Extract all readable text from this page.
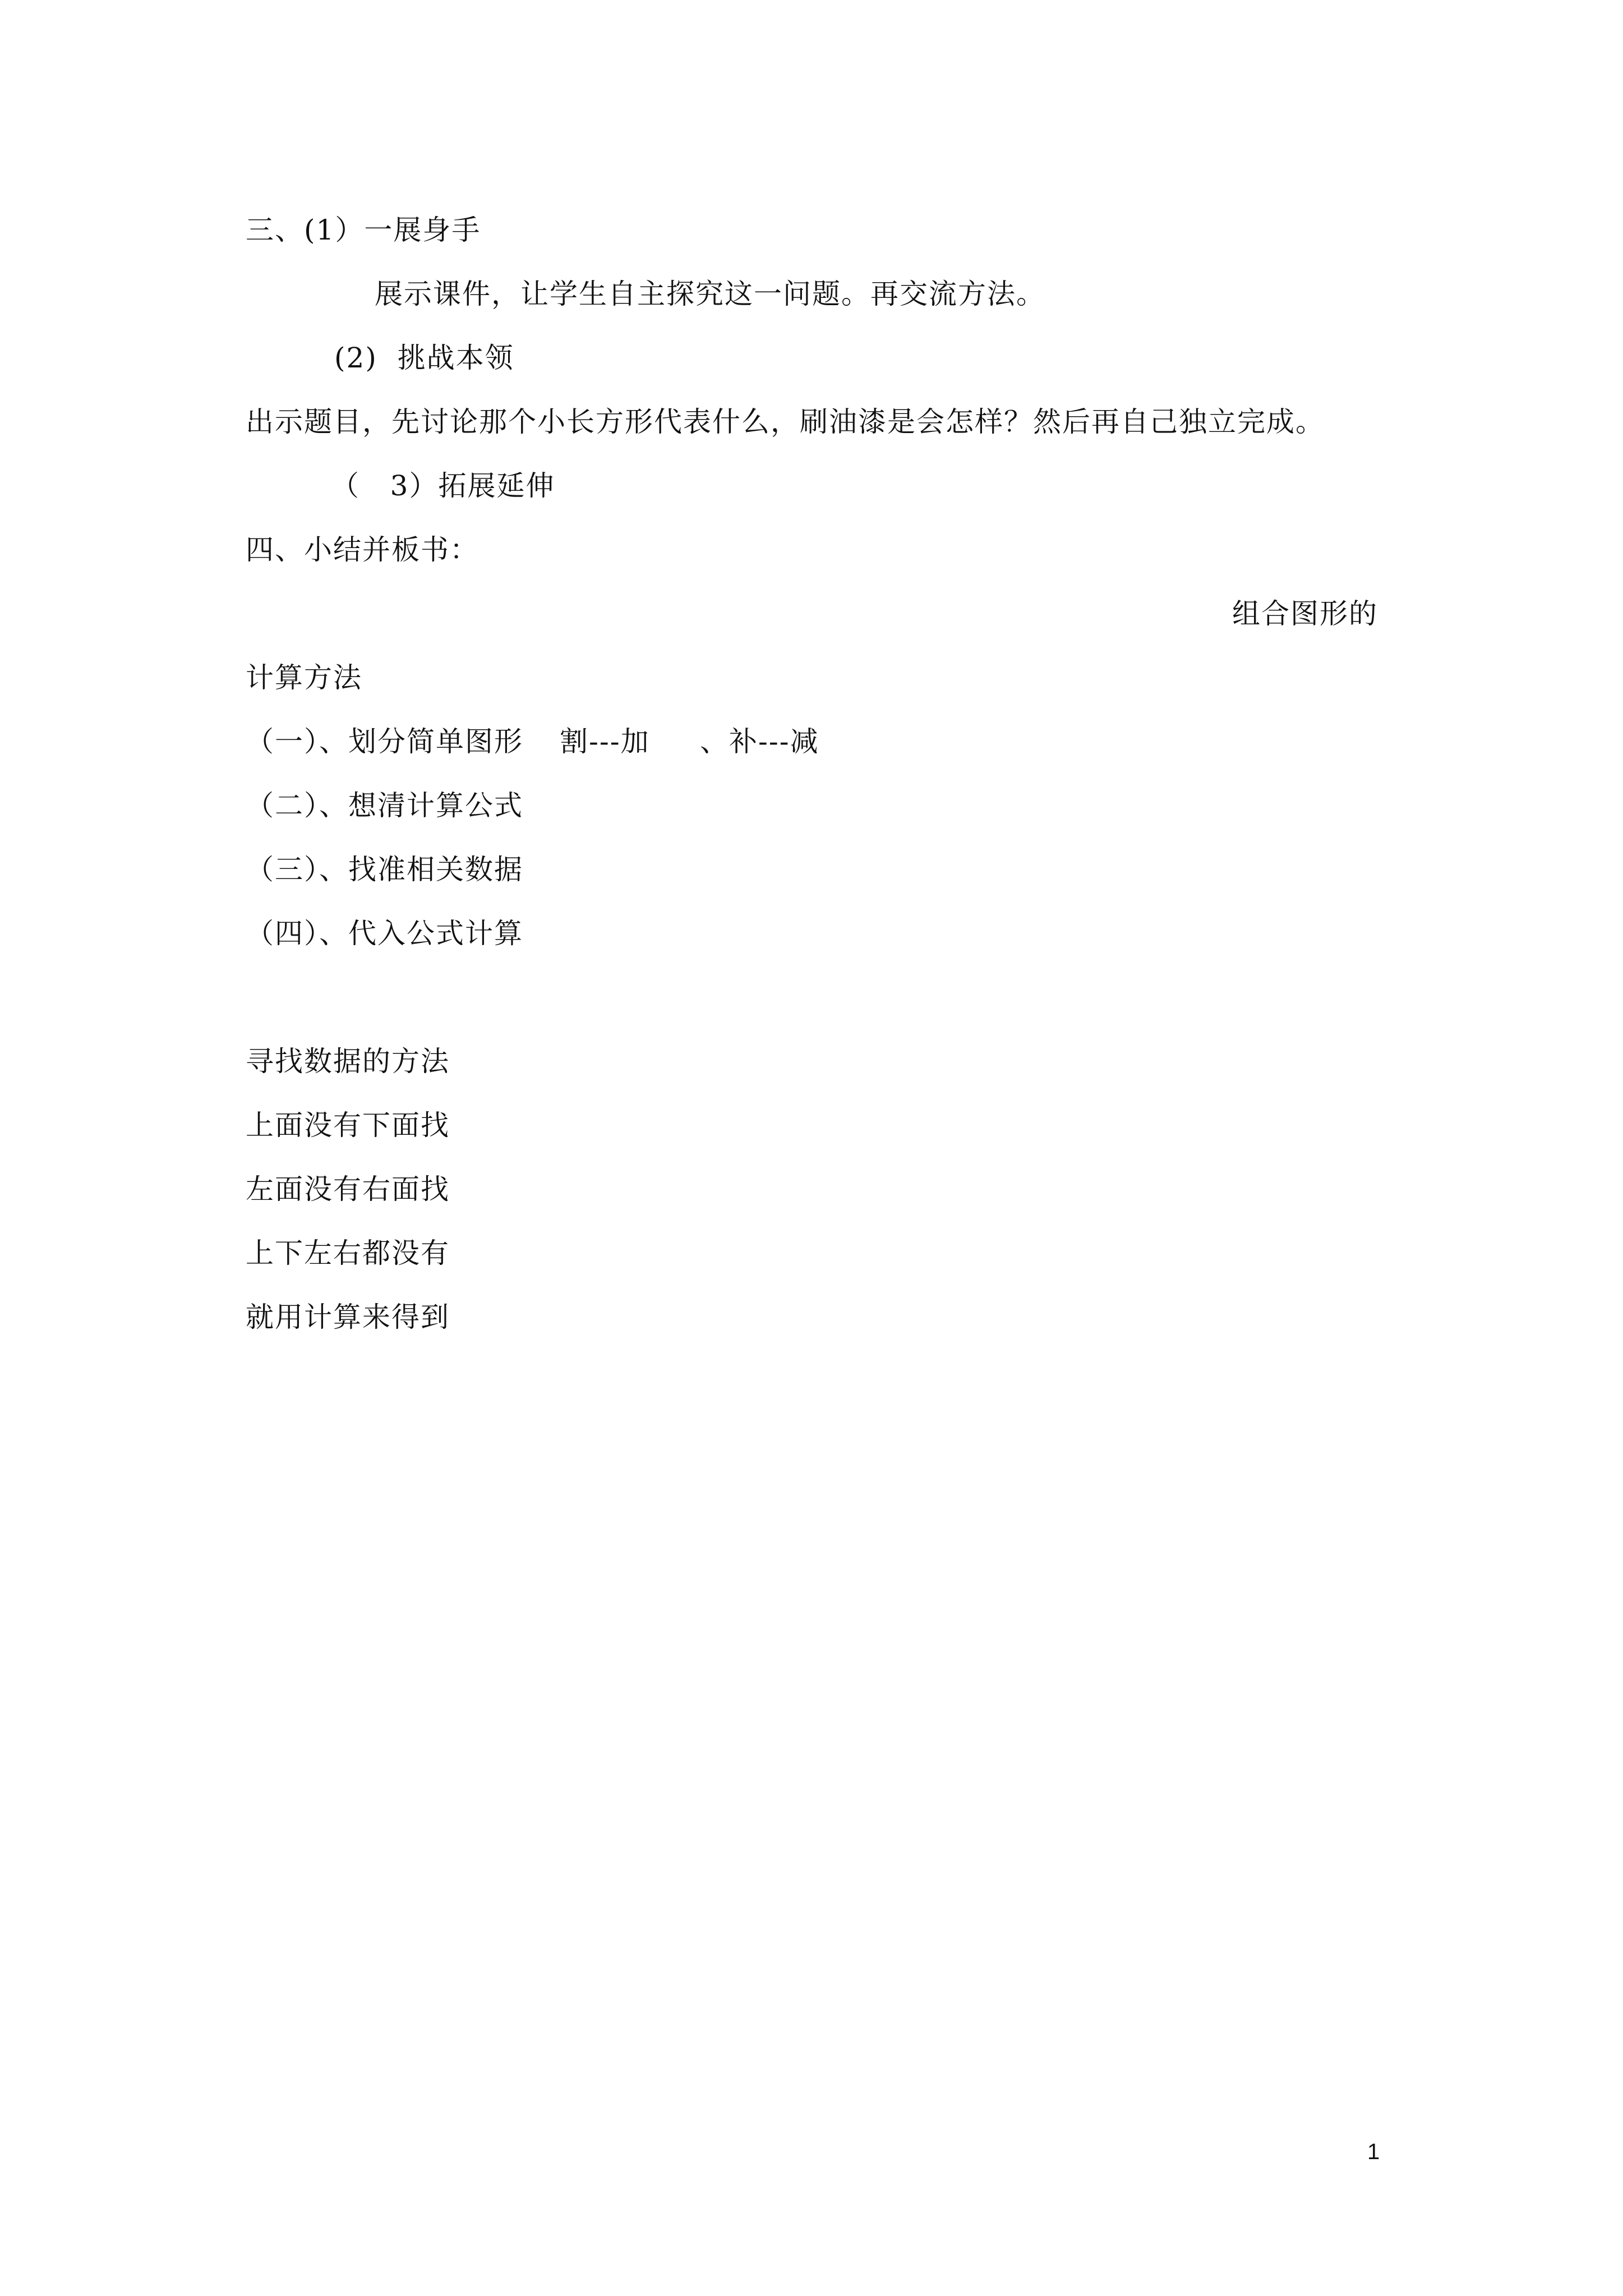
三、(1）一展身手
展示课件，让学生自主探究这一问题。再交流方法。
(2)  挑战本领
出示题目，先讨论那个小长方形代表什么，刷油漆是会怎样？然后再自己独立完成。
（   3）拓展延伸
四、小结并板书：
组合图形的
计算方法

（一）、划分简单图形

割---加

、补---减

（二）、想清计算公式
（三）、找准相关数据
（四）、代入公式计算
寻找数据的方法
上面没有下面找
左面没有右面找
上下左右都没有
就用计算来得到
1
